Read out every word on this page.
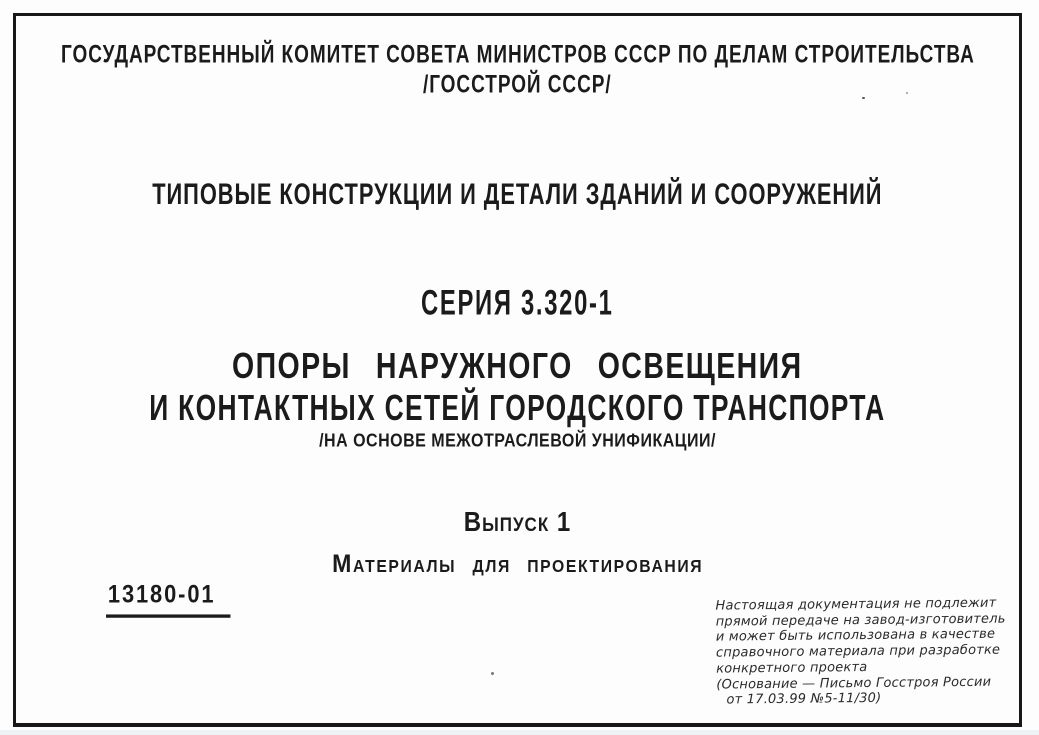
ГОСУДАРСТВЕННЫЙ КОМИТЕТ СОВЕТА МИНИСТРОВ СССР ПО ДЕЛАМ СТРОИТЕЛЬСТВА
/ГОССТРОЙ СССР/
ТИПОВЫЕ КОНСТРУКЦИИ И ДЕТАЛИ ЗДАНИЙ И СООРУЖЕНИЙ
СЕРИЯ 3.320-1
ОПОРЫ НАРУЖНОГО ОСВЕЩЕНИЯ
И КОНТАКТНЫХ СЕТЕЙ ГОРОДСКОГО ТРАНСПОРТА
/НА ОСНОВЕ МЕЖОТРАСЛЕВОЙ УНИФИКАЦИИ/
Выпуск 1
Материалы для проектирования
13180-01	Настоящая документация не подлежит
прямой передаче на завод-изготовитель
и может быть использована в качестве
справочного материала при разработке
конкретного проекта
(Основание — Письмо Госстроя России
от 17.03.99 №5-11/30)
